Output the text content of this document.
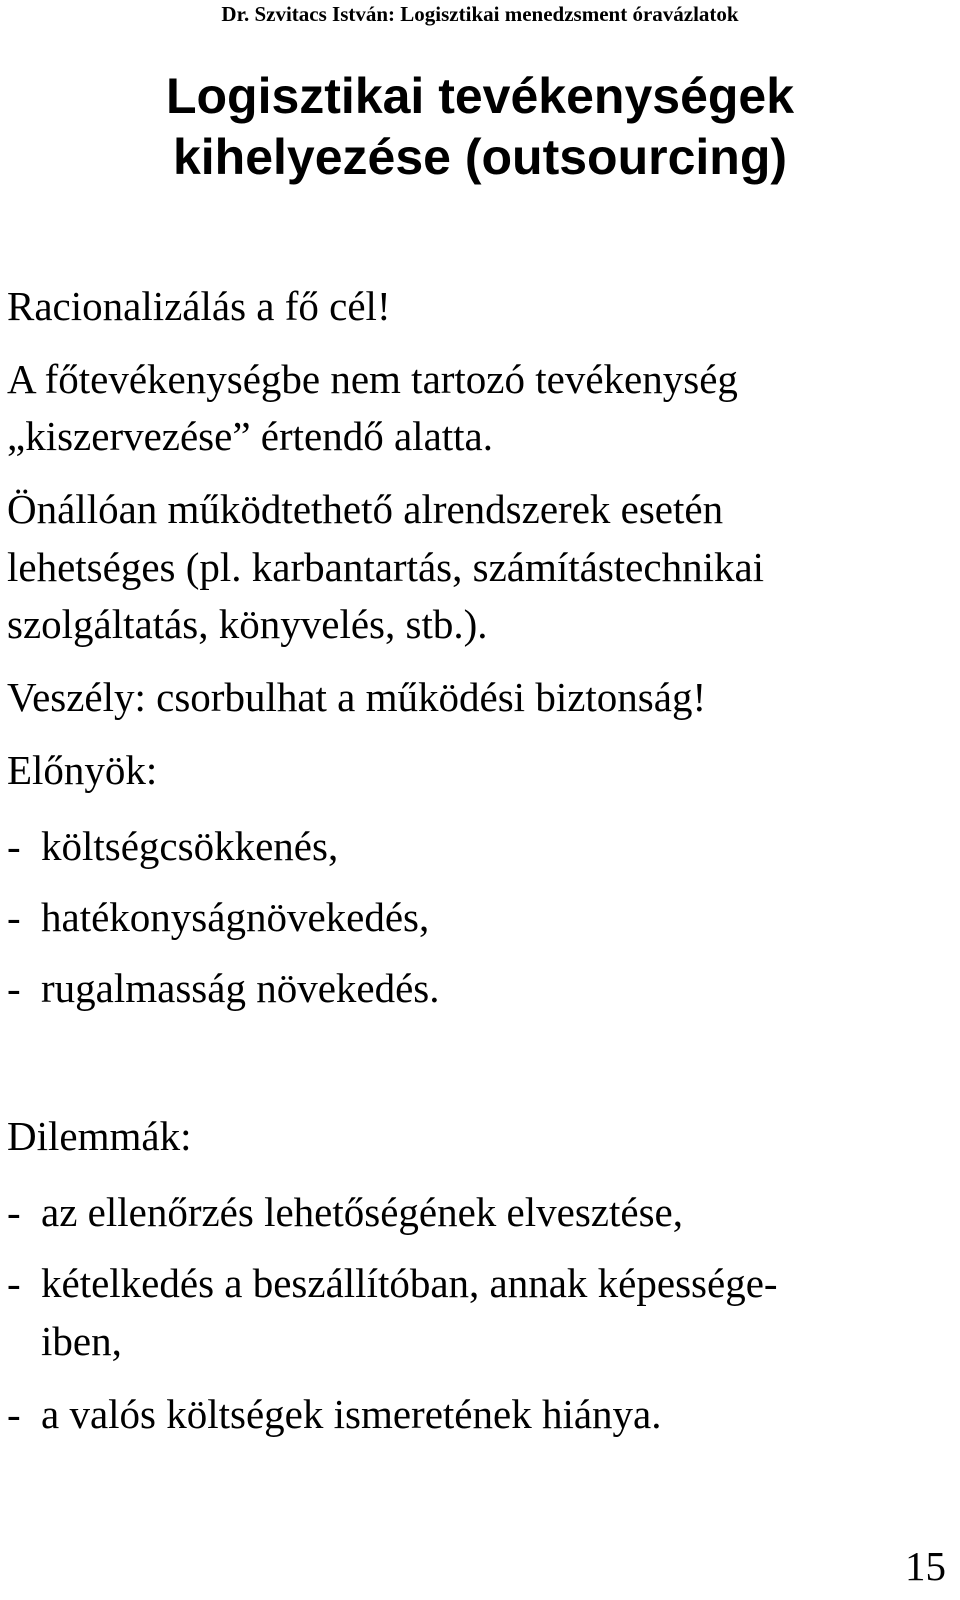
Dr. Szvitacs István: Logisztikai menedzsment óravázlatok
Logisztikai tevékenységek
kihelyezése (outsourcing)
Racionalizálás a fő cél!
A főtevékenységbe nem tartozó tevékenység
„kiszervezése” értendő alatta.
Önállóan működtethető alrendszerek esetén
lehetséges (pl. karbantartás, számítástechnikai
szolgáltatás, könyvelés, stb.).
Veszély: csorbulhat a működési biztonság!
Előnyök:
- költségcsökkenés,
- hatékonyságnövekedés,
- rugalmasság növekedés.
Dilemmák:
- az ellenőrzés lehetőségének elvesztése,
- kételkedés a beszállítóban, annak képessége-
iben,
- a valós költségek ismeretének hiánya.
15
